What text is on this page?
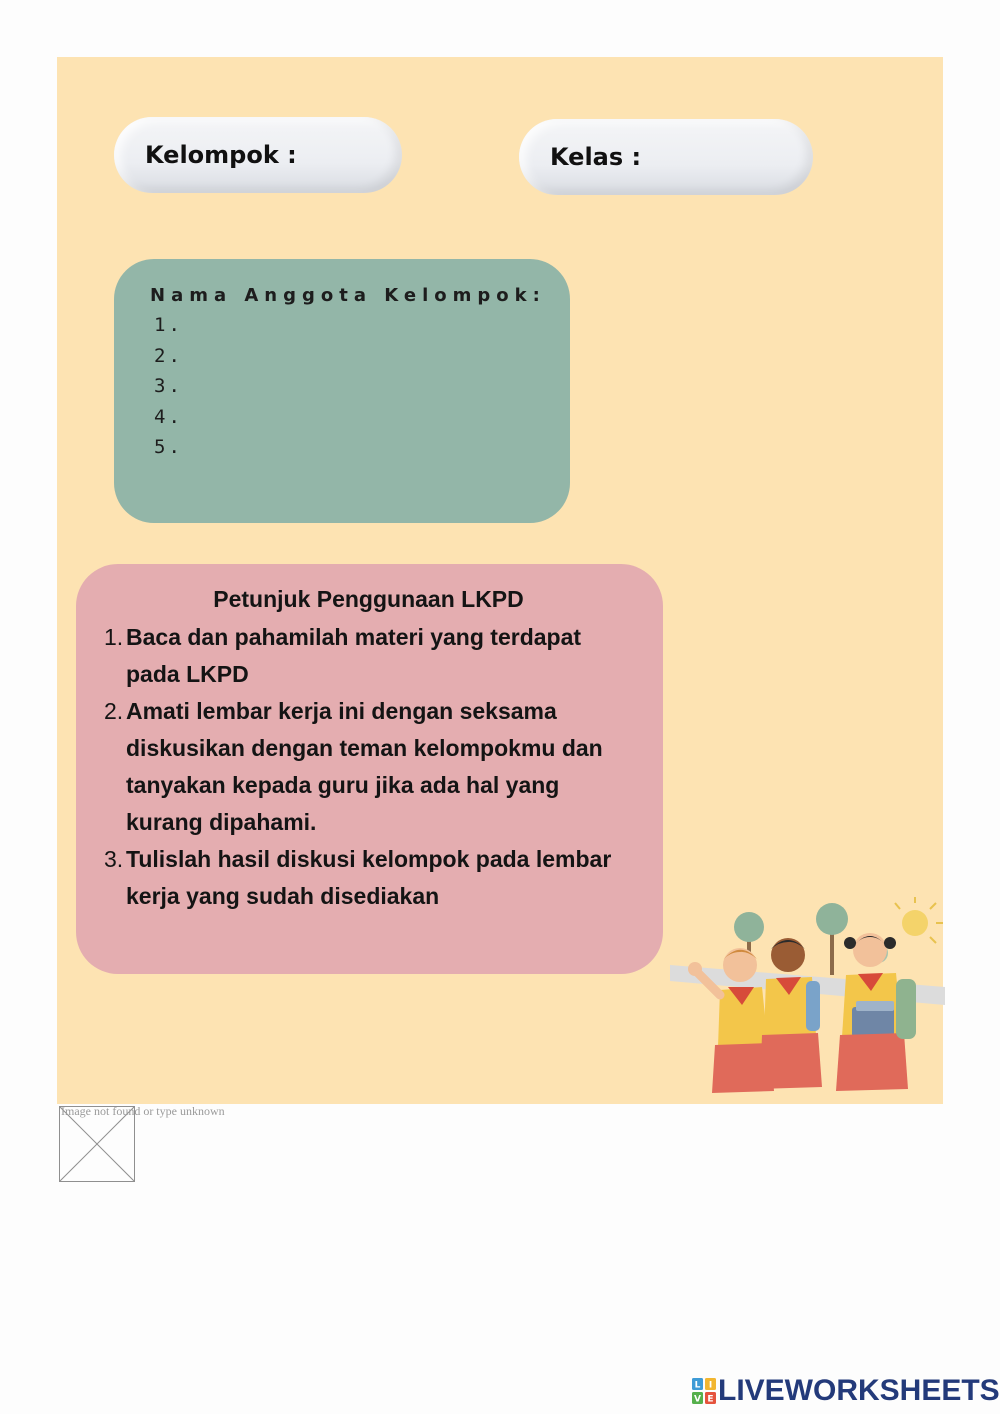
Kelompok :	Kelas :
Nama Anggota Kelompok:
1.
2.
3.
4.
5.
Petunjuk Penggunaan LKPD
1. Baca dan pahamilah materi yang terdapat pada LKPD
2. Amati lembar kerja ini dengan seksama diskusikan dengan teman kelompokmu dan tanyakan kepada guru jika ada hal yang kurang dipahami.
3. Tulislah hasil diskusi kelompok pada lembar kerja yang sudah disediakan
Image not found or type unknown
L I
V E LIVEWORKSHEETS
